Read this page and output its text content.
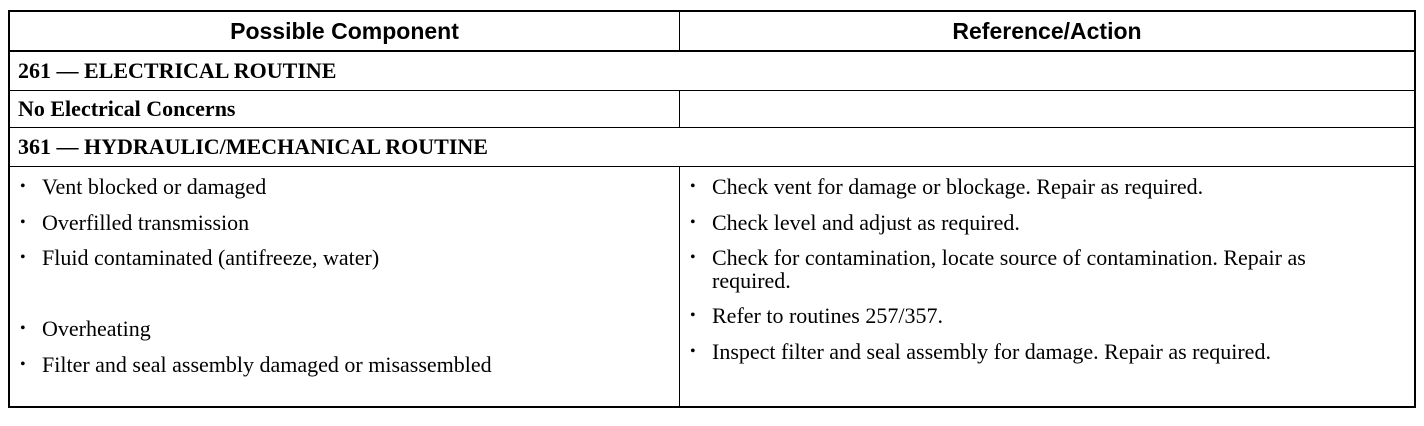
Possible Component	Reference/Action
261 — ELECTRICAL ROUTINE
No Electrical Concerns
361 — HYDRAULIC/MECHANICAL ROUTINE
• Vent blocked or damaged
• Overfilled transmission
• Fluid contaminated (antifreeze, water)
• Overheating
• Filter and seal assembly damaged or misassembled
• Check vent for damage or blockage. Repair as required.
• Check level and adjust as required.
• Check for contamination, locate source of contamination. Repair as required.
• Refer to routines 257/357.
• Inspect filter and seal assembly for damage. Repair as required.
